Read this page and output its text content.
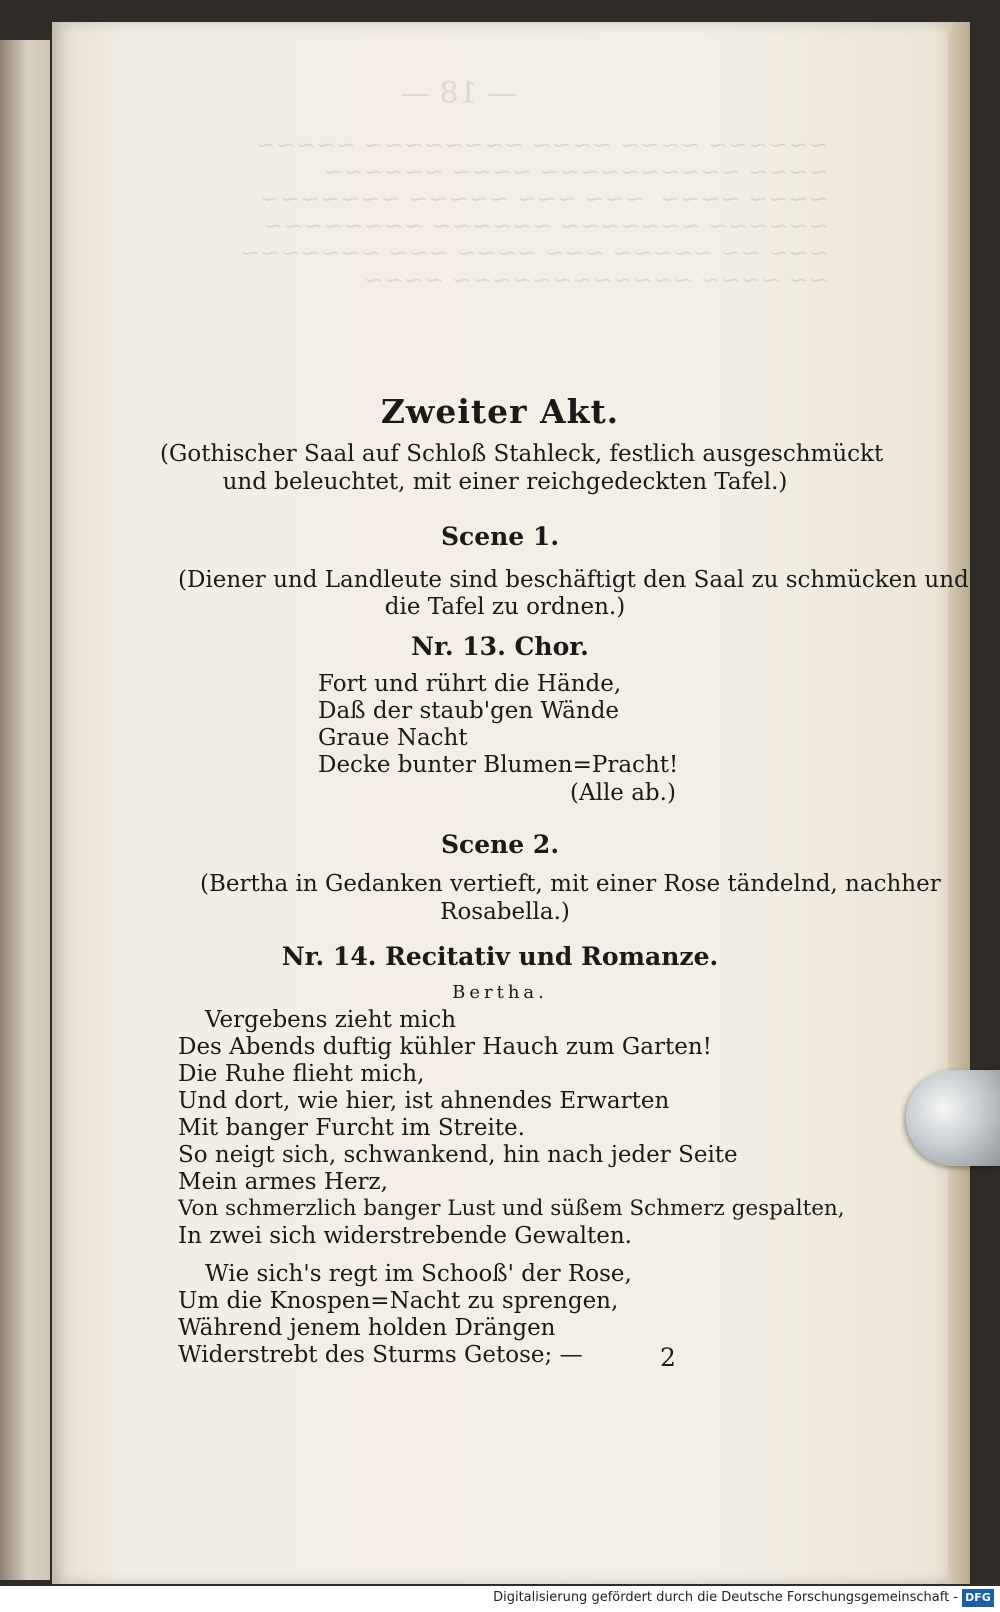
— 18 —
~~~~~~ ~~~~ ~~~~ ~~~~~~~~ ~~~~~
~~~~ ~~~~~~~~~~ ~~~~ ~~~~~~
~~~~ ~~~~  ~~~ ~~~ ~~~~~ ~~~~~~~
~~~~~~ ~~~~~~~ ~~~~~~ ~~~~~~~~
~~~ ~~ ~~~~~ ~~~ ~~~~ ~~~ ~~~~~~~
~~ ~~~~ ~~~~~~~~~~~~ ~~~~
Zweiter Akt.
(Gothischer Saal auf Schloß Stahleck, festlich ausgeschmückt
und beleuchtet, mit einer reichgedeckten Tafel.)
Scene 1.
(Diener und Landleute sind beschäftigt den Saal zu schmücken und
die Tafel zu ordnen.)
Nr. 13. Chor.
Fort und rührt die Hände,
Daß der staub'gen Wände
Graue Nacht
Decke bunter Blumen=Pracht!
(Alle ab.)
Scene 2.
(Bertha in Gedanken vertieft, mit einer Rose tändelnd, nachher
Rosabella.)
Nr. 14. Recitativ und Romanze.
Bertha.
Vergebens zieht mich
Des Abends duftig kühler Hauch zum Garten!
Die Ruhe flieht mich,
Und dort, wie hier, ist ahnendes Erwarten
Mit banger Furcht im Streite.
So neigt sich, schwankend, hin nach jeder Seite
Mein armes Herz,
Von schmerzlich banger Lust und süßem Schmerz gespalten,
In zwei sich widerstrebende Gewalten.
Wie sich's regt im Schooß' der Rose,
Um die Knospen=Nacht zu sprengen,
Während jenem holden Drängen
Widerstrebt des Sturms Getose; —	2
Digitalisierung gefördert durch die Deutsche Forschungsgemeinschaft - DFG
